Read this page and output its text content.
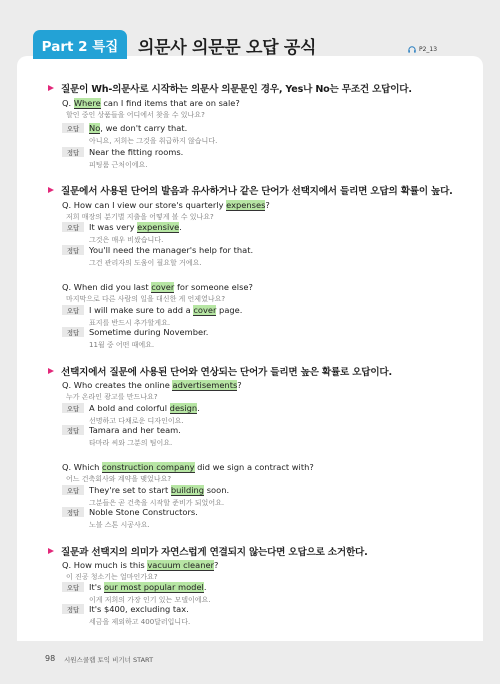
Part 2 특집	의문사 의문문 오답 공식	P2_13
질문이 Wh-의문사로 시작하는 의문사 의문문인 경우, Yes나 No는 무조건 오답이다.
Q. Where can I find items that are on sale?
할인 중인 상품들을 어디에서 찾을 수 있나요?
오답	No, we don't carry that.
아니요, 저희는 그것을 취급하지 않습니다.
정답	Near the fitting rooms.
피팅룸 근처이에요.
질문에서 사용된 단어의 발음과 유사하거나 같은 단어가 선택지에서 들리면 오답의 확률이 높다.
Q. How can I view our store's quarterly expenses?
저희 매장의 분기별 지출을 어떻게 볼 수 있나요?
오답	It was very expensive.
그것은 매우 비쌌습니다.
정답	You'll need the manager's help for that.
그건 관리자의 도움이 필요할 거예요.
Q. When did you last cover for someone else?
마지막으로 다른 사람의 일을 대신한 게 언제였나요?
오답	I will make sure to add a cover page.
표지를 반드시 추가할게요.
정답	Sometime during November.
11월 중 어떤 때에요.
선택지에서 질문에 사용된 단어와 연상되는 단어가 들리면 높은 확률로 오답이다.
Q. Who creates the online advertisements?
누가 온라인 광고를 만드나요?
오답	A bold and colorful design.
선명하고 다채로운 디자인이요.
정답	Tamara and her team.
타마라 씨와 그분의 팀이요.
Q. Which construction company did we sign a contract with?
어느 건축회사와 계약을 맺었나요?
오답	They're set to start building soon.
그분들은 곧 건축을 시작할 준비가 되었어요.
정답	Noble Stone Constructors.
노블 스톤 시공사요.
질문과 선택지의 의미가 자연스럽게 연결되지 않는다면 오답으로 소거한다.
Q. How much is this vacuum cleaner?
이 진공 청소기는 얼마인가요?
오답	It's our most popular model.
이게 저희의 가장 인기 있는 모델이에요.
정답	It's $400, excluding tax.
세금을 제외하고 400달러입니다.
98 시원스쿨랩 토익 비기너 START
